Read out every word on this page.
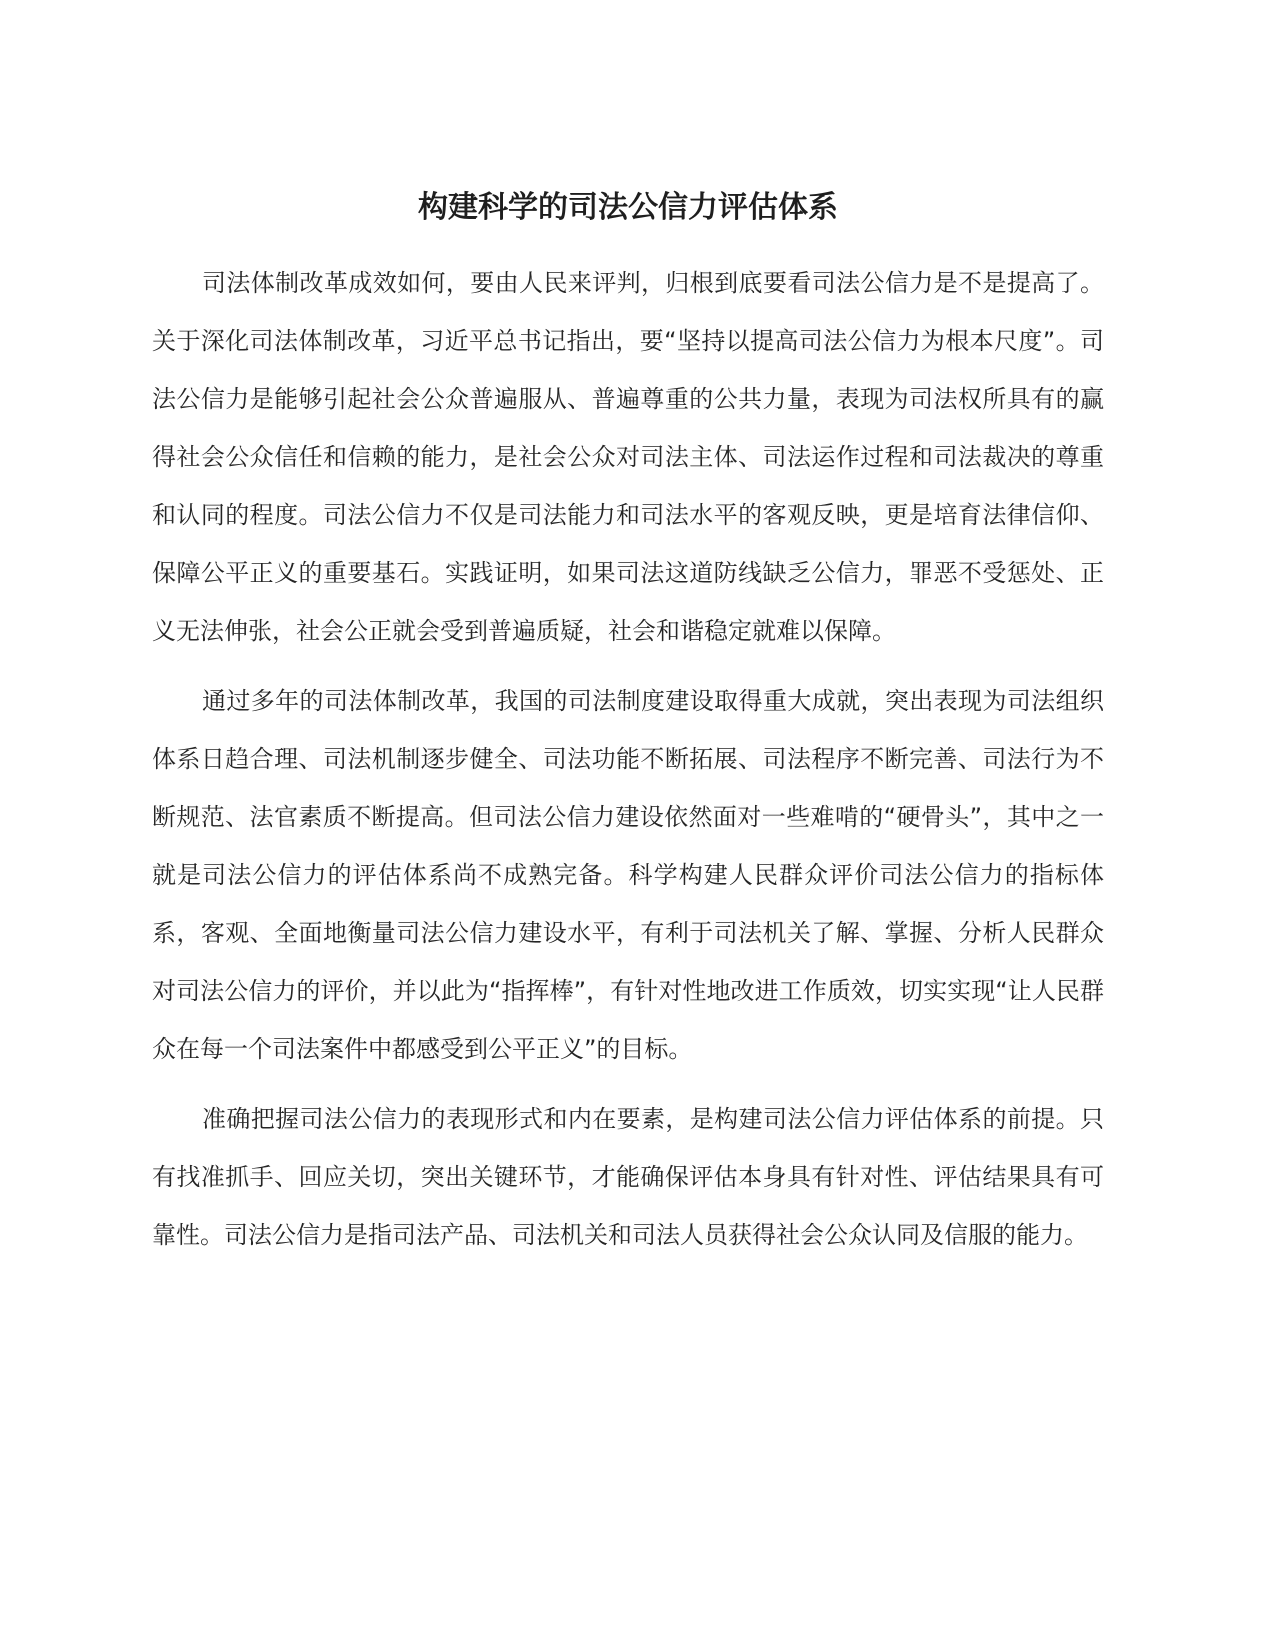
构建科学的司法公信力评估体系

司法体制改革成效如何，要由人民来评判，归根到底要看司法公信力是不是提高了。关于深化司法体制改革，习近平总书记指出，要“坚持以提高司法公信力为根本尺度”。司法公信力是能够引起社会公众普遍服从、普遍尊重的公共力量，表现为司法权所具有的赢得社会公众信任和信赖的能力，是社会公众对司法主体、司法运作过程和司法裁决的尊重和认同的程度。司法公信力不仅是司法能力和司法水平的客观反映，更是培育法律信仰、保障公平正义的重要基石。实践证明，如果司法这道防线缺乏公信力，罪恶不受惩处、正义无法伸张，社会公正就会受到普遍质疑，社会和谐稳定就难以保障。

通过多年的司法体制改革，我国的司法制度建设取得重大成就，突出表现为司法组织体系日趋合理、司法机制逐步健全、司法功能不断拓展、司法程序不断完善、司法行为不断规范、法官素质不断提高。但司法公信力建设依然面对一些难啃的“硬骨头”，其中之一就是司法公信力的评估体系尚不成熟完备。科学构建人民群众评价司法公信力的指标体系，客观、全面地衡量司法公信力建设水平，有利于司法机关了解、掌握、分析人民群众对司法公信力的评价，并以此为“指挥棒”，有针对性地改进工作质效，切实实现“让人民群众在每一个司法案件中都感受到公平正义”的目标。

准确把握司法公信力的表现形式和内在要素，是构建司法公信力评估体系的前提。只有找准抓手、回应关切，突出关键环节，才能确保评估本身具有针对性、评估结果具有可靠性。司法公信力是指司法产品、司法机关和司法人员获得社会公众认同及信服的能力。
